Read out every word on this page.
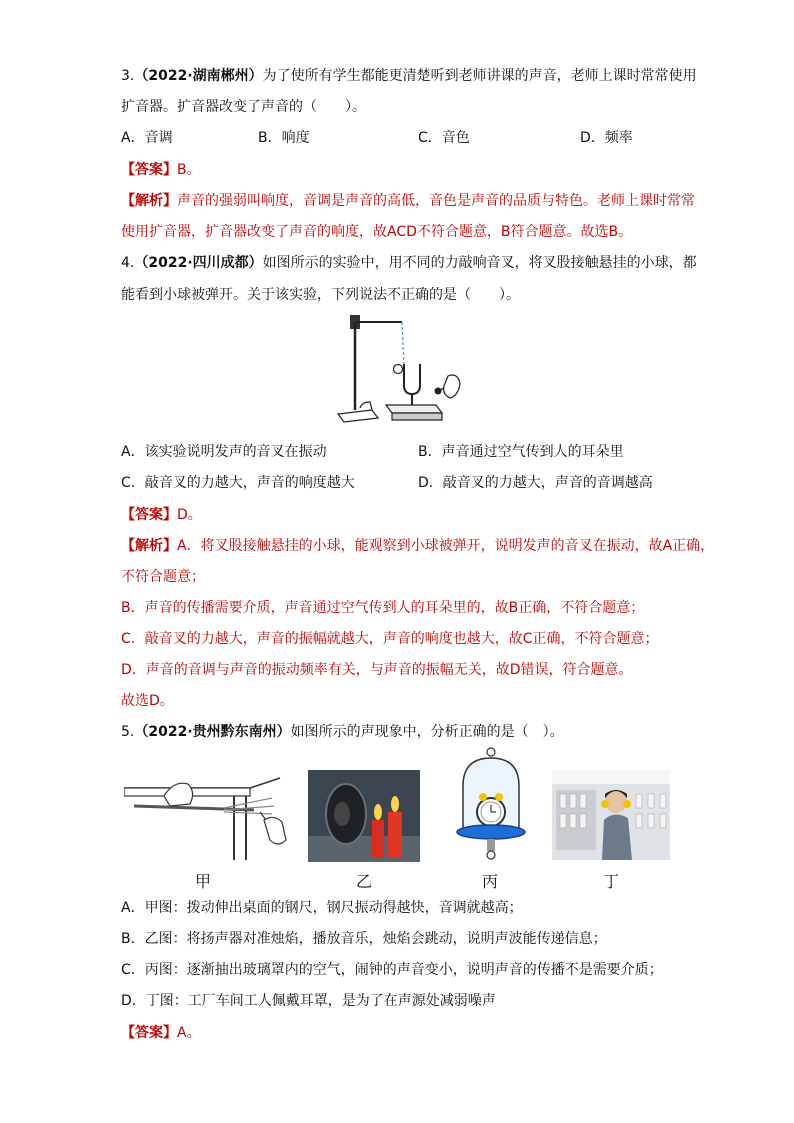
3.（2022·湖南郴州）为了使所有学生都能更清楚听到老师讲课的声音，老师上课时常常使用
扩音器。扩音器改变了声音的（　　）。
A．音调	B．响度	C．音色	D．频率
【答案】B。
【解析】声音的强弱叫响度，音调是声音的高低，音色是声音的品质与特色。老师上课时常常
使用扩音器，扩音器改变了声音的响度，故ACD不符合题意，B符合题意。故选B。
4.（2022·四川成都）如图所示的实验中，用不同的力敲响音叉，将叉股接触悬挂的小球，都
能看到小球被弹开。关于该实验，下列说法不正确的是（　　）。
A．该实验说明发声的音叉在振动	B．声音通过空气传到人的耳朵里
C．敲音叉的力越大，声音的响度越大	D．敲音叉的力越大，声音的音调越高
【答案】D。
【解析】A．将叉股接触悬挂的小球，能观察到小球被弹开，说明发声的音叉在振动，故A正确，
不符合题意；
B．声音的传播需要介质，声音通过空气传到人的耳朵里的，故B正确，不符合题意；
C．敲音叉的力越大，声音的振幅就越大，声音的响度也越大，故C正确，不符合题意；
D．声音的音调与声音的振动频率有关，与声音的振幅无关，故D错误，符合题意。
故选D。
5.（2022·贵州黔东南州）如图所示的声现象中，分析正确的是（　）。
甲	乙	丙	丁
A．甲图：拨动伸出桌面的钢尺，钢尺振动得越快，音调就越高；
B．乙图：将扬声器对准烛焰，播放音乐，烛焰会跳动，说明声波能传递信息；
C．丙图：逐渐抽出玻璃罩内的空气，闹钟的声音变小，说明声音的传播不是需要介质；
D．丁图：工厂车间工人佩戴耳罩，是为了在声源处减弱噪声
【答案】A。
